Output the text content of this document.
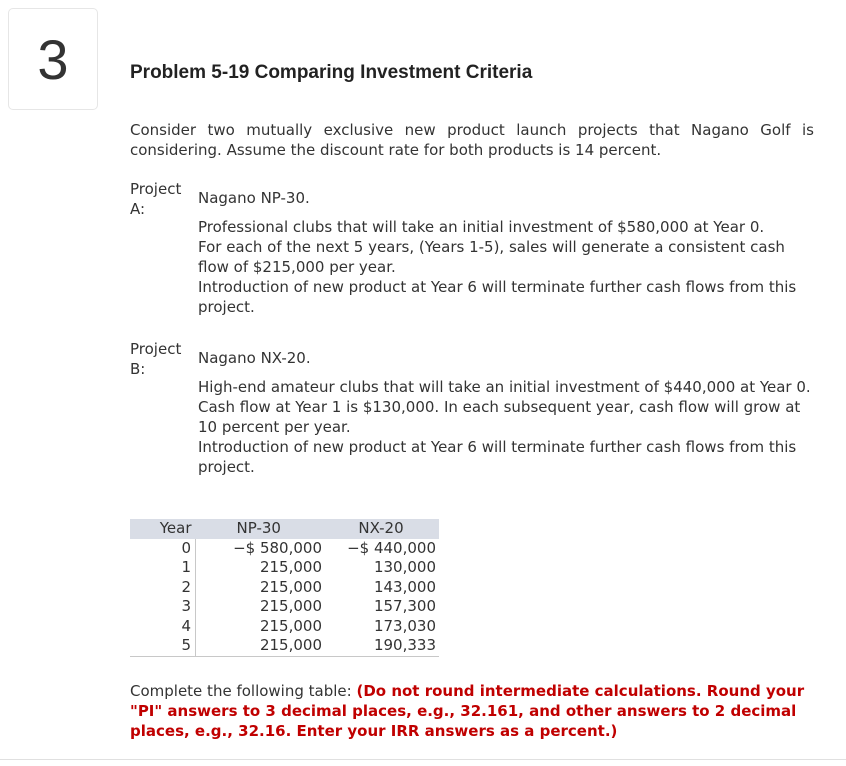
3	Problem 5-19 Comparing Investment Criteria
Consider two mutually exclusive new product launch projects that Nagano Golf is considering. Assume the discount rate for both products is 14 percent.
Project A:
Nagano NP-30.
Professional clubs that will take an initial investment of $580,000 at Year 0.
For each of the next 5 years, (Years 1-5), sales will generate a consistent cash flow of $215,000 per year.
Introduction of new product at Year 6 will terminate further cash flows from this project.
Project B:
Nagano NX-20.
High-end amateur clubs that will take an initial investment of $440,000 at Year 0.
Cash flow at Year 1 is $130,000. In each subsequent year, cash flow will grow at 10 percent per year.
Introduction of new product at Year 6 will terminate further cash flows from this project.
Year	NP-30	NX-20
0	−$ 580,000	−$ 440,000
1	215,000	130,000
2	215,000	143,000
3	215,000	157,300
4	215,000	173,030
5	215,000	190,333
Complete the following table: (Do not round intermediate calculations. Round your "PI" answers to 3 decimal places, e.g., 32.161, and other answers to 2 decimal places, e.g., 32.16. Enter your IRR answers as a percent.)
